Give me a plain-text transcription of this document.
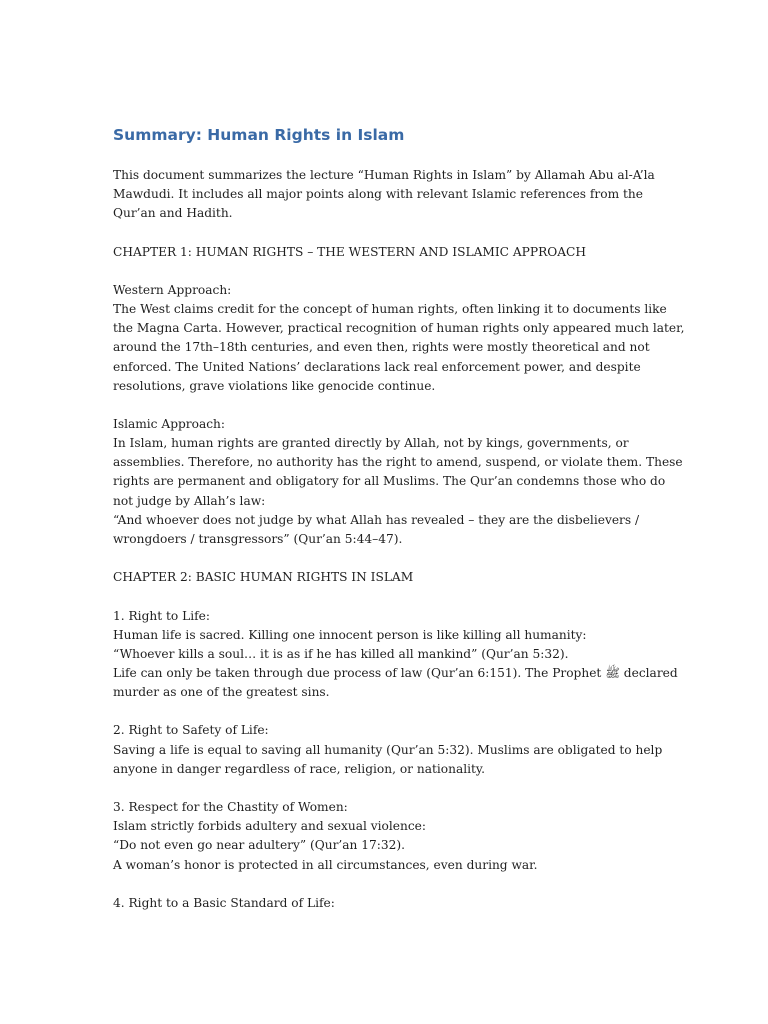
Summary: Human Rights in Islam
This document summarizes the lecture “Human Rights in Islam” by Allamah Abu al-A’la
Mawdudi. It includes all major points along with relevant Islamic references from the
Qur’an and Hadith.
CHAPTER 1: HUMAN RIGHTS – THE WESTERN AND ISLAMIC APPROACH
Western Approach:
The West claims credit for the concept of human rights, often linking it to documents like
the Magna Carta. However, practical recognition of human rights only appeared much later,
around the 17th–18th centuries, and even then, rights were mostly theoretical and not
enforced. The United Nations’ declarations lack real enforcement power, and despite
resolutions, grave violations like genocide continue.
Islamic Approach:
In Islam, human rights are granted directly by Allah, not by kings, governments, or
assemblies. Therefore, no authority has the right to amend, suspend, or violate them. These
rights are permanent and obligatory for all Muslims. The Qur’an condemns those who do
not judge by Allah’s law:
“And whoever does not judge by what Allah has revealed – they are the disbelievers /
wrongdoers / transgressors” (Qur’an 5:44–47).
CHAPTER 2: BASIC HUMAN RIGHTS IN ISLAM
1. Right to Life:
Human life is sacred. Killing one innocent person is like killing all humanity:
“Whoever kills a soul… it is as if he has killed all mankind” (Qur’an 5:32).
Life can only be taken through due process of law (Qur’an 6:151). The Prophet ﷺ declared
murder as one of the greatest sins.
2. Right to Safety of Life:
Saving a life is equal to saving all humanity (Qur’an 5:32). Muslims are obligated to help
anyone in danger regardless of race, religion, or nationality.
3. Respect for the Chastity of Women:
Islam strictly forbids adultery and sexual violence:
“Do not even go near adultery” (Qur’an 17:32).
A woman’s honor is protected in all circumstances, even during war.
4. Right to a Basic Standard of Life:
